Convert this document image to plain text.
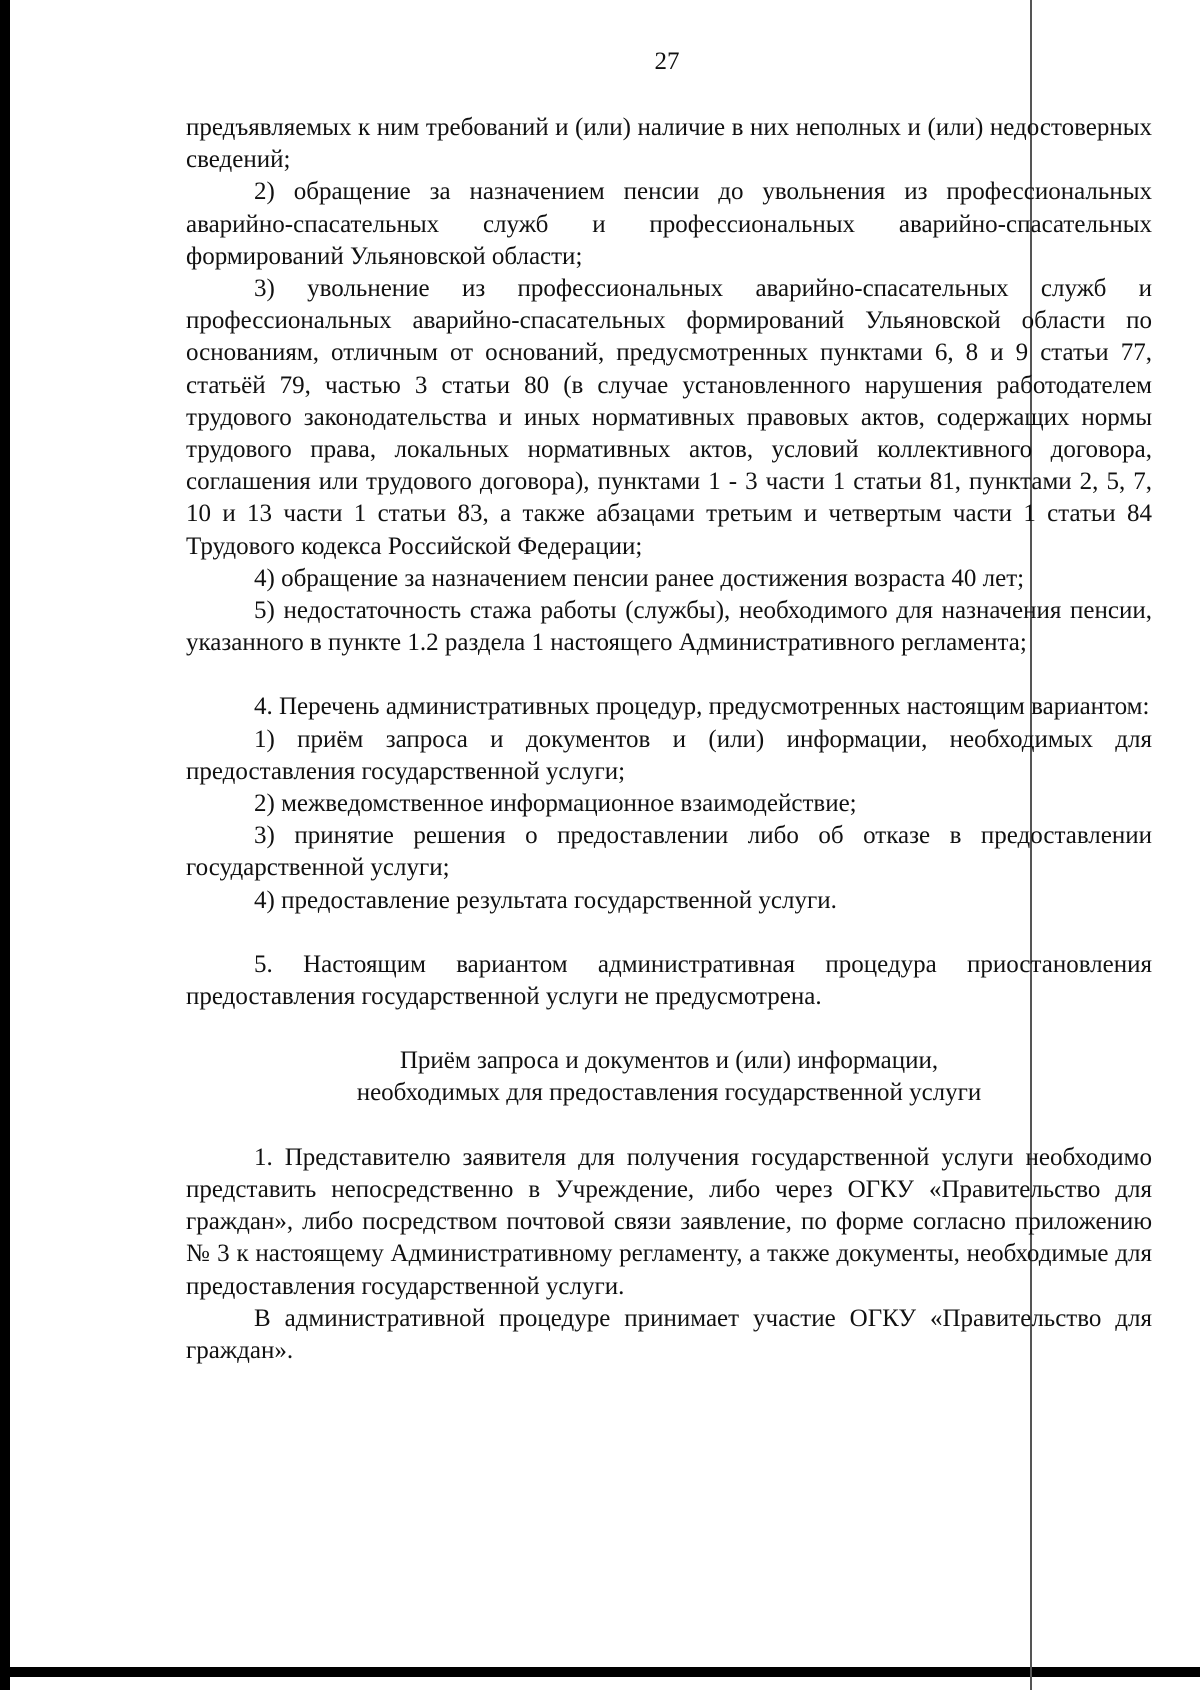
27

предъявляемых к ним требований и (или) наличие в них неполных и (или) недостоверных сведений;

2) обращение за назначением пенсии до увольнения из профессиональных аварийно-спасательных служб и профессиональных аварийно-спасательных формирований Ульяновской области;

3) увольнение из профессиональных аварийно-спасательных служб и профессиональных аварийно-спасательных формирований Ульяновской области по основаниям, отличным от оснований, предусмотренных пунктами 6, 8 и 9 статьи 77, статьёй 79, частью 3 статьи 80 (в случае установленного нарушения работодателем трудового законодательства и иных нормативных правовых актов, содержащих нормы трудового права, локальных нормативных актов, условий коллективного договора, соглашения или трудового договора), пунктами 1 - 3 части 1 статьи 81, пунктами 2, 5, 7, 10 и 13 части 1 статьи 83, а также абзацами третьим и четвертым части 1 статьи 84 Трудового кодекса Российской Федерации;

4) обращение за назначением пенсии ранее достижения возраста 40 лет;

5) недостаточность стажа работы (службы), необходимого для назначения пенсии, указанного в пункте 1.2 раздела 1 настоящего Административного регламента;

4. Перечень административных процедур, предусмотренных настоящим вариантом:

1) приём запроса и документов и (или) информации, необходимых для предоставления государственной услуги;

2) межведомственное информационное взаимодействие;

3) принятие решения о предоставлении либо об отказе в предоставлении государственной услуги;

4) предоставление результата государственной услуги.

5. Настоящим вариантом административная процедура приостановления предоставления государственной услуги не предусмотрена.

Приём запроса и документов и (или) информации,

необходимых для предоставления государственной услуги

1. Представителю заявителя для получения государственной услуги необходимо представить непосредственно в Учреждение, либо через ОГКУ «Правительство для граждан», либо посредством почтовой связи заявление, по форме согласно приложению № 3 к настоящему Административному регламенту, а также документы, необходимые для предоставления государственной услуги.

В административной процедуре принимает участие ОГКУ «Правительство для граждан».
